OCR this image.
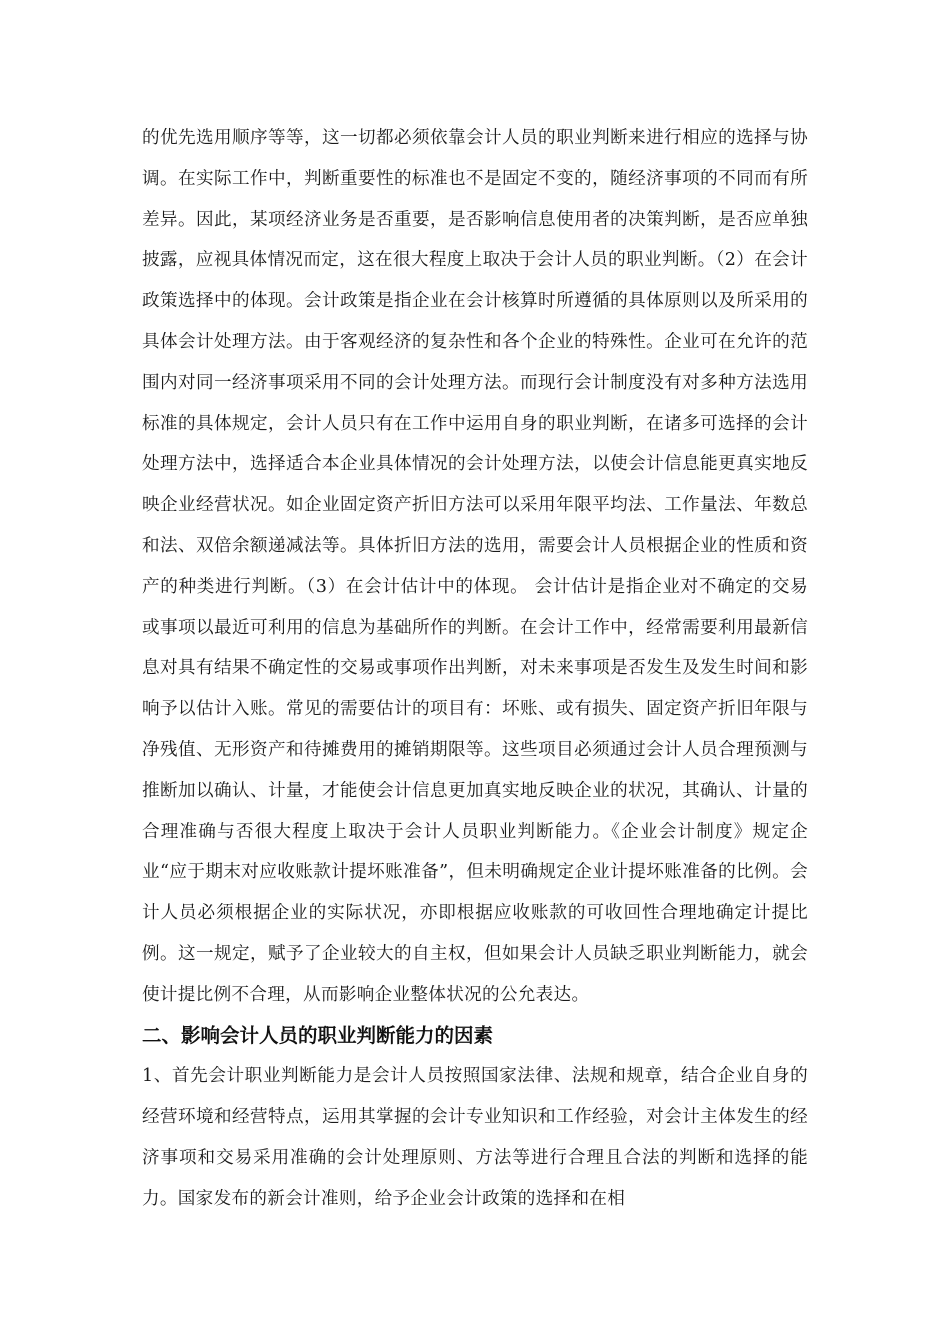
的优先选用顺序等等，这一切都必须依靠会计人员的职业判断来进行相应的选择与协调。在实际工作中，判断重要性的标准也不是固定不变的，随经济事项的不同而有所差异。因此，某项经济业务是否重要，是否影响信息使用者的决策判断，是否应单独披露，应视具体情况而定，这在很大程度上取决于会计人员的职业判断。（2）在会计政策选择中的体现。会计政策是指企业在会计核算时所遵循的具体原则以及所采用的具体会计处理方法。由于客观经济的复杂性和各个企业的特殊性。企业可在允许的范围内对同一经济事项采用不同的会计处理方法。而现行会计制度没有对多种方法选用标准的具体规定，会计人员只有在工作中运用自身的职业判断，在诸多可选择的会计处理方法中，选择适合本企业具体情况的会计处理方法，以使会计信息能更真实地反映企业经营状况。如企业固定资产折旧方法可以采用年限平均法、工作量法、年数总和法、双倍余额递减法等。具体折旧方法的选用，需要会计人员根据企业的性质和资产的种类进行判断。（3）在会计估计中的体现。 会计估计是指企业对不确定的交易或事项以最近可利用的信息为基础所作的判断。在会计工作中，经常需要利用最新信息对具有结果不确定性的交易或事项作出判断，对未来事项是否发生及发生时间和影响予以估计入账。常见的需要估计的项目有：坏账、或有损失、固定资产折旧年限与净残值、无形资产和待摊费用的摊销期限等。这些项目必须通过会计人员合理预测与推断加以确认、计量，才能使会计信息更加真实地反映企业的状况，其确认、计量的合理准确与否很大程度上取决于会计人员职业判断能力。《企业会计制度》规定企业“应于期末对应收账款计提坏账准备”，但未明确规定企业计提坏账准备的比例。会计人员必须根据企业的实际状况，亦即根据应收账款的可收回性合理地确定计提比例。这一规定，赋予了企业较大的自主权，但如果会计人员缺乏职业判断能力，就会使计提比例不合理，从而影响企业整体状况的公允表达。

二、影响会计人员的职业判断能力的因素

1、首先会计职业判断能力是会计人员按照国家法律、法规和规章，结合企业自身的经营环境和经营特点，运用其掌握的会计专业知识和工作经验，对会计主体发生的经济事项和交易采用准确的会计处理原则、方法等进行合理且合法的判断和选择的能力。国家发布的新会计准则，给予企业会计政策的选择和在相
